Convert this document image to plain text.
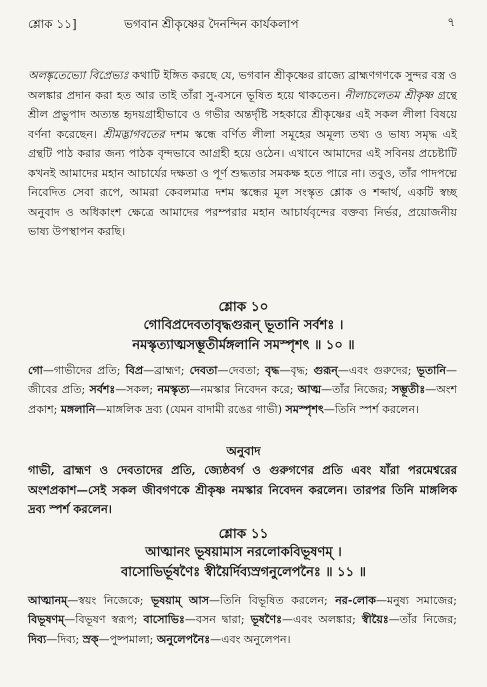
শ্লোক ১১]	ভগবান শ্রীকৃষ্ণের দৈনন্দিন কার্যকলাপ	৭
অলঙ্কৃতেভ্যো বিপ্রেভ্যঃ কথাটি ইঙ্গিত করছে যে, ভগবান শ্রীকৃষ্ণের রাজ্যে ব্রাহ্মণগণকে সুন্দর বস্ত্র ও অলঙ্কার প্রদান করা হত আর তাই তাঁরা সু-বসনে ভূষিত হয়ে থাকতেন। নীলাচলেতম শ্রীকৃষ্ণ গ্রন্থে শ্রীল প্রভুপাদ অত্যন্ত হৃদয়গ্রাহীভাবে ও গভীর অন্তর্দৃষ্টি সহকারে শ্রীকৃষ্ণের এই সকল লীলা বিষয়ে বর্ণনা করেছেন। শ্রীমদ্ভাগবতের দশম স্কন্ধে বর্ণিত লীলা সমূহের অমূল্য তথ্য ও ভাষ্য সমৃদ্ধ এই গ্রন্থটি পাঠ করার জন্য পাঠক বৃন্দভাবে আগ্রহী হয়ে ওঠেন। এখানে আমাদের এই সবিনয় প্রচেষ্টাটি কখনই আমাদের মহান আচার্যের দক্ষতা ও পূর্ণ শুদ্ধতার সমকক্ষ হতে পারে না। তবুও, তাঁর পাদপদ্মে নিবেদিত সেবা রূপে, আমরা কেবলমাত্র দশম স্কন্ধের মূল সংস্কৃত শ্লোক ও শব্দার্থ, একটি স্বচ্ছ অনুবাদ ও অধিকাংশ ক্ষেত্রে আমাদের পরম্পরার মহান আচার্যবৃন্দের বক্তব্য নির্ভর, প্রয়োজনীয় ভাষ্য উপস্থাপন করছি।
শ্লোক ১০
গোবিপ্রদেবতাবৃদ্ধগুরূন্‌ ভূতানি সর্বশঃ ।
নমস্কৃত্যাত্মসম্ভূতীর্মঙ্গলানি সমস্পৃশৎ ॥ ১০ ॥
গো—গাভীদের প্রতি; বিপ্র—ব্রাহ্মণ; দেবতা—দেবতা; বৃদ্ধ—বৃদ্ধ; গুরূন্—এবং গুরুদের; ভূতানি—জীবের প্রতি; সর্বশঃ—সকল; নমস্কৃত্য—নমস্কার নিবেদন করে; আত্ম—তাঁর নিজের; সম্ভূতীঃ—অংশ প্রকাশ; মঙ্গলানি—মাঙ্গলিক দ্রব্য (যেমন বাদামী রঙের গাভী) সমস্পৃশৎ—তিনি স্পর্শ করলেন।
অনুবাদ
গাভী, ব্রাহ্মণ ও দেবতাদের প্রতি, জ্যেষ্ঠবর্গ ও গুরুগণের প্রতি এবং যাঁরা পরমেশ্বরের অংশপ্রকাশ—সেই সকল জীবগণকে শ্রীকৃষ্ণ নমস্কার নিবেদন করলেন। তারপর তিনি মাঙ্গলিক দ্রব্য স্পর্শ করলেন।
শ্লোক ১১
আত্মানং ভূষয়ামাস নরলোকবিভূষণম্‌ ।
বাসোভির্ভূষণৈঃ স্বীয়ৈর্দিব্যস্রগনুলেপনৈঃ ॥ ১১ ॥
আত্মানম্—স্বয়ং নিজেকে; ভূষয়াম্ আস—তিনি বিভূষিত করলেন; নর-লোক—মনুষ্য সমাজের; বিভূষণম্—বিভূষণ স্বরূপ; বাসোভিঃ—বসন দ্বারা; ভূষণৈঃ—এবং অলঙ্কার; স্বীয়ৈঃ—তাঁর নিজের; দিব্য—দিব্য; স্রক্—পুষ্পমালা; অনুলেপনৈঃ—এবং অনুলেপন।
